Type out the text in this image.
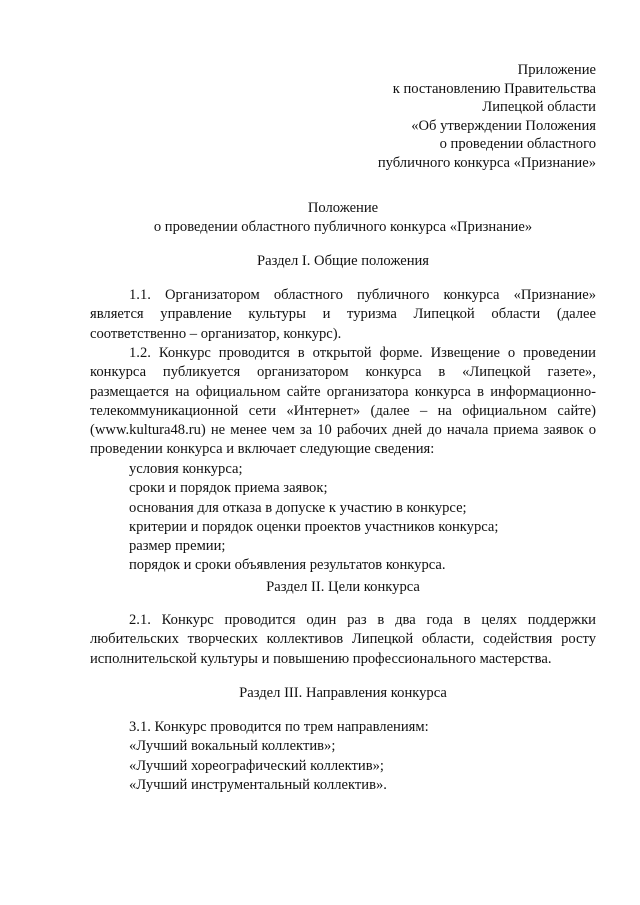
Приложение
к постановлению Правительства
Липецкой области
«Об утверждении Положения
о проведении областного
публичного конкурса «Признание»
Положение
о проведении областного публичного конкурса «Признание»
Раздел I. Общие положения

1.1. Организатором областного публичного конкурса «Признание» является управление культуры и туризма Липецкой области (далее соответственно – организатор, конкурс).

1.2. Конкурс проводится в открытой форме. Извещение о проведении конкурса публикуется организатором конкурса в «Липецкой газете», размещается на официальном сайте организатора конкурса в информационно-телекоммуникационной сети «Интернет» (далее – на официальном сайте) (www.kultura48.ru) не менее чем за 10 рабочих дней до начала приема заявок о проведении конкурса и включает следующие сведения:

условия конкурса;
сроки и порядок приема заявок;
основания для отказа в допуске к участию в конкурсе;
критерии и порядок оценки проектов участников конкурса;
размер премии;
порядок и сроки объявления результатов конкурса.
Раздел II. Цели конкурса

2.1. Конкурс проводится один раз в два года в целях поддержки любительских творческих коллективов Липецкой области, содействия росту исполнительской культуры и повышению профессионального мастерства.

Раздел III. Направления конкурса
3.1. Конкурс проводится по трем направлениям:
«Лучший вокальный коллектив»;
«Лучший хореографический коллектив»;
«Лучший инструментальный коллектив».
